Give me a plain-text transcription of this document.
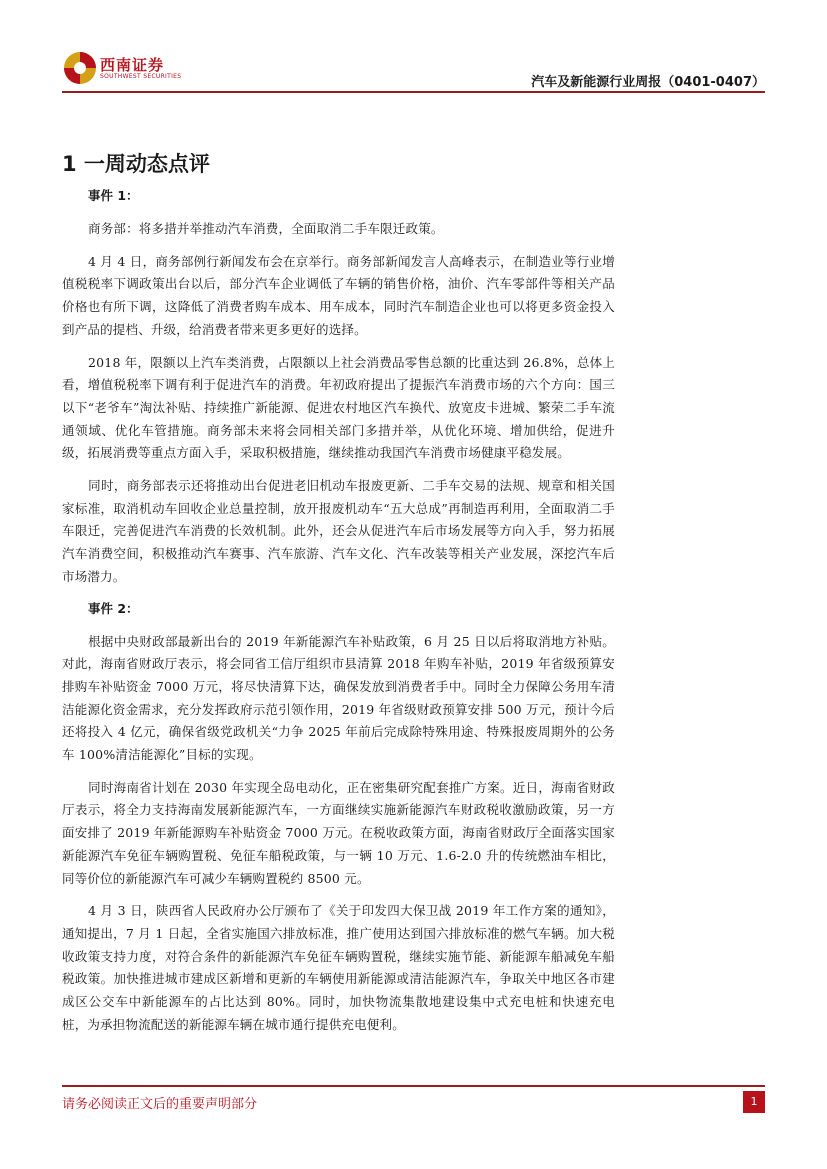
西南证券
SOUTHWEST SECURITIES	汽车及新能源行业周报（0401-0407）
1 一周动态点评
事件 1：

商务部：将多措并举推动汽车消费，全面取消二手车限迁政策。

4 月 4 日，商务部例行新闻发布会在京举行。商务部新闻发言人高峰表示，在制造业等行业增值税税率下调政策出台以后，部分汽车企业调低了车辆的销售价格，油价、汽车零部件等相关产品价格也有所下调，这降低了消费者购车成本、用车成本，同时汽车制造企业也可以将更多资金投入到产品的提档、升级，给消费者带来更多更好的选择。

2018 年，限额以上汽车类消费，占限额以上社会消费品零售总额的比重达到 26.8%，总体上看，增值税税率下调有利于促进汽车的消费。年初政府提出了提振汽车消费市场的六个方向：国三以下“老爷车”淘汰补贴、持续推广新能源、促进农村地区汽车换代、放宽皮卡进城、繁荣二手车流通领域、优化车管措施。商务部未来将会同相关部门多措并举，从优化环境、增加供给，促进升级，拓展消费等重点方面入手，采取积极措施，继续推动我国汽车消费市场健康平稳发展。

同时，商务部表示还将推动出台促进老旧机动车报废更新、二手车交易的法规、规章和相关国家标准，取消机动车回收企业总量控制，放开报废机动车“五大总成”再制造再利用，全面取消二手车限迁，完善促进汽车消费的长效机制。此外，还会从促进汽车后市场发展等方向入手，努力拓展汽车消费空间，积极推动汽车赛事、汽车旅游、汽车文化、汽车改装等相关产业发展，深挖汽车后市场潜力。

事件 2：

根据中央财政部最新出台的 2019 年新能源汽车补贴政策，6 月 25 日以后将取消地方补贴。对此，海南省财政厅表示，将会同省工信厅组织市县清算 2018 年购车补贴，2019 年省级预算安排购车补贴资金 7000 万元，将尽快清算下达，确保发放到消费者手中。同时全力保障公务用车清洁能源化资金需求，充分发挥政府示范引领作用，2019 年省级财政预算安排 500 万元，预计今后还将投入 4 亿元，确保省级党政机关“力争 2025 年前后完成除特殊用途、特殊报废周期外的公务车 100%清洁能源化”目标的实现。

同时海南省计划在 2030 年实现全岛电动化，正在密集研究配套推广方案。近日，海南省财政厅表示，将全力支持海南发展新能源汽车，一方面继续实施新能源汽车财政税收激励政策，另一方面安排了 2019 年新能源购车补贴资金 7000 万元。在税收政策方面，海南省财政厅全面落实国家新能源汽车免征车辆购置税、免征车船税政策，与一辆 10 万元、1.6-2.0 升的传统燃油车相比，同等价位的新能源汽车可减少车辆购置税约 8500 元。

4 月 3 日，陕西省人民政府办公厅颁布了《关于印发四大保卫战 2019 年工作方案的通知》，通知提出，7 月 1 日起，全省实施国六排放标准，推广使用达到国六排放标准的燃气车辆。加大税收政策支持力度，对符合条件的新能源汽车免征车辆购置税，继续实施节能、新能源车船减免车船税政策。加快推进城市建成区新增和更新的车辆使用新能源或清洁能源汽车，争取关中地区各市建成区公交车中新能源车的占比达到 80%。同时，加快物流集散地建设集中式充电桩和快速充电桩，为承担物流配送的新能源车辆在城市通行提供充电便利。

请务必阅读正文后的重要声明部分	1
